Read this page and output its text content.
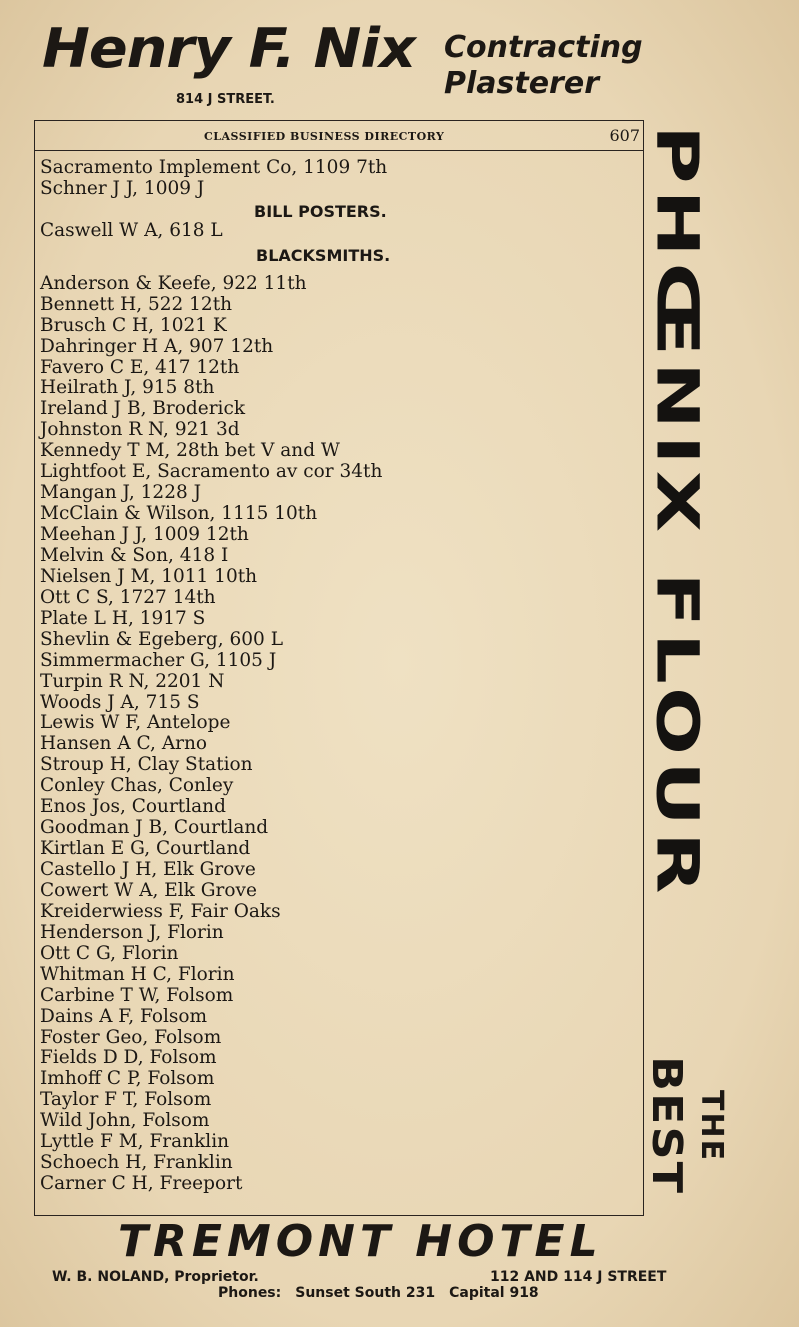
Henry F. Nix
814 J STREET.
Contracting
Plasterer
CLASSIFIED BUSINESS DIRECTORY	607
Sacramento Implement Co, 1109 7th
Schner J J, 1009 J
BILL POSTERS.
Caswell W A, 618 L
BLACKSMITHS.
Anderson & Keefe, 922 11th
Bennett H, 522 12th
Brusch C H, 1021 K
Dahringer H A, 907 12th
Favero C E, 417 12th
Heilrath J, 915 8th
Ireland J B, Broderick
Johnston R N, 921 3d
Kennedy T M, 28th bet V and W
Lightfoot E, Sacramento av cor 34th
Mangan J, 1228 J
McClain & Wilson, 1115 10th
Meehan J J, 1009 12th
Melvin & Son, 418 I
Nielsen J M, 1011 10th
Ott C S, 1727 14th
Plate L H, 1917 S
Shevlin & Egeberg, 600 L
Simmermacher G, 1105 J
Turpin R N, 2201 N
Woods J A, 715 S
Lewis W F, Antelope
Hansen A C, Arno
Stroup H, Clay Station
Conley Chas, Conley
Enos Jos, Courtland
Goodman J B, Courtland
Kirtlan E G, Courtland
Castello J H, Elk Grove
Cowert W A, Elk Grove
Kreiderwiess F, Fair Oaks
Henderson J, Florin
Ott C G, Florin
Whitman H C, Florin
Carbine T W, Folsom
Dains A F, Folsom
Foster Geo, Folsom
Fields D D, Folsom
Imhoff C P, Folsom
Taylor F T, Folsom
Wild John, Folsom
Lyttle F M, Franklin
Schoech H, Franklin
Carner C H, Freeport
PHŒNIX FLOUR
BEST THE
TREMONT HOTEL
W. B. NOLAND, Proprietor.	112 AND 114 J STREET
Phones: Sunset South 231 Capital 918
